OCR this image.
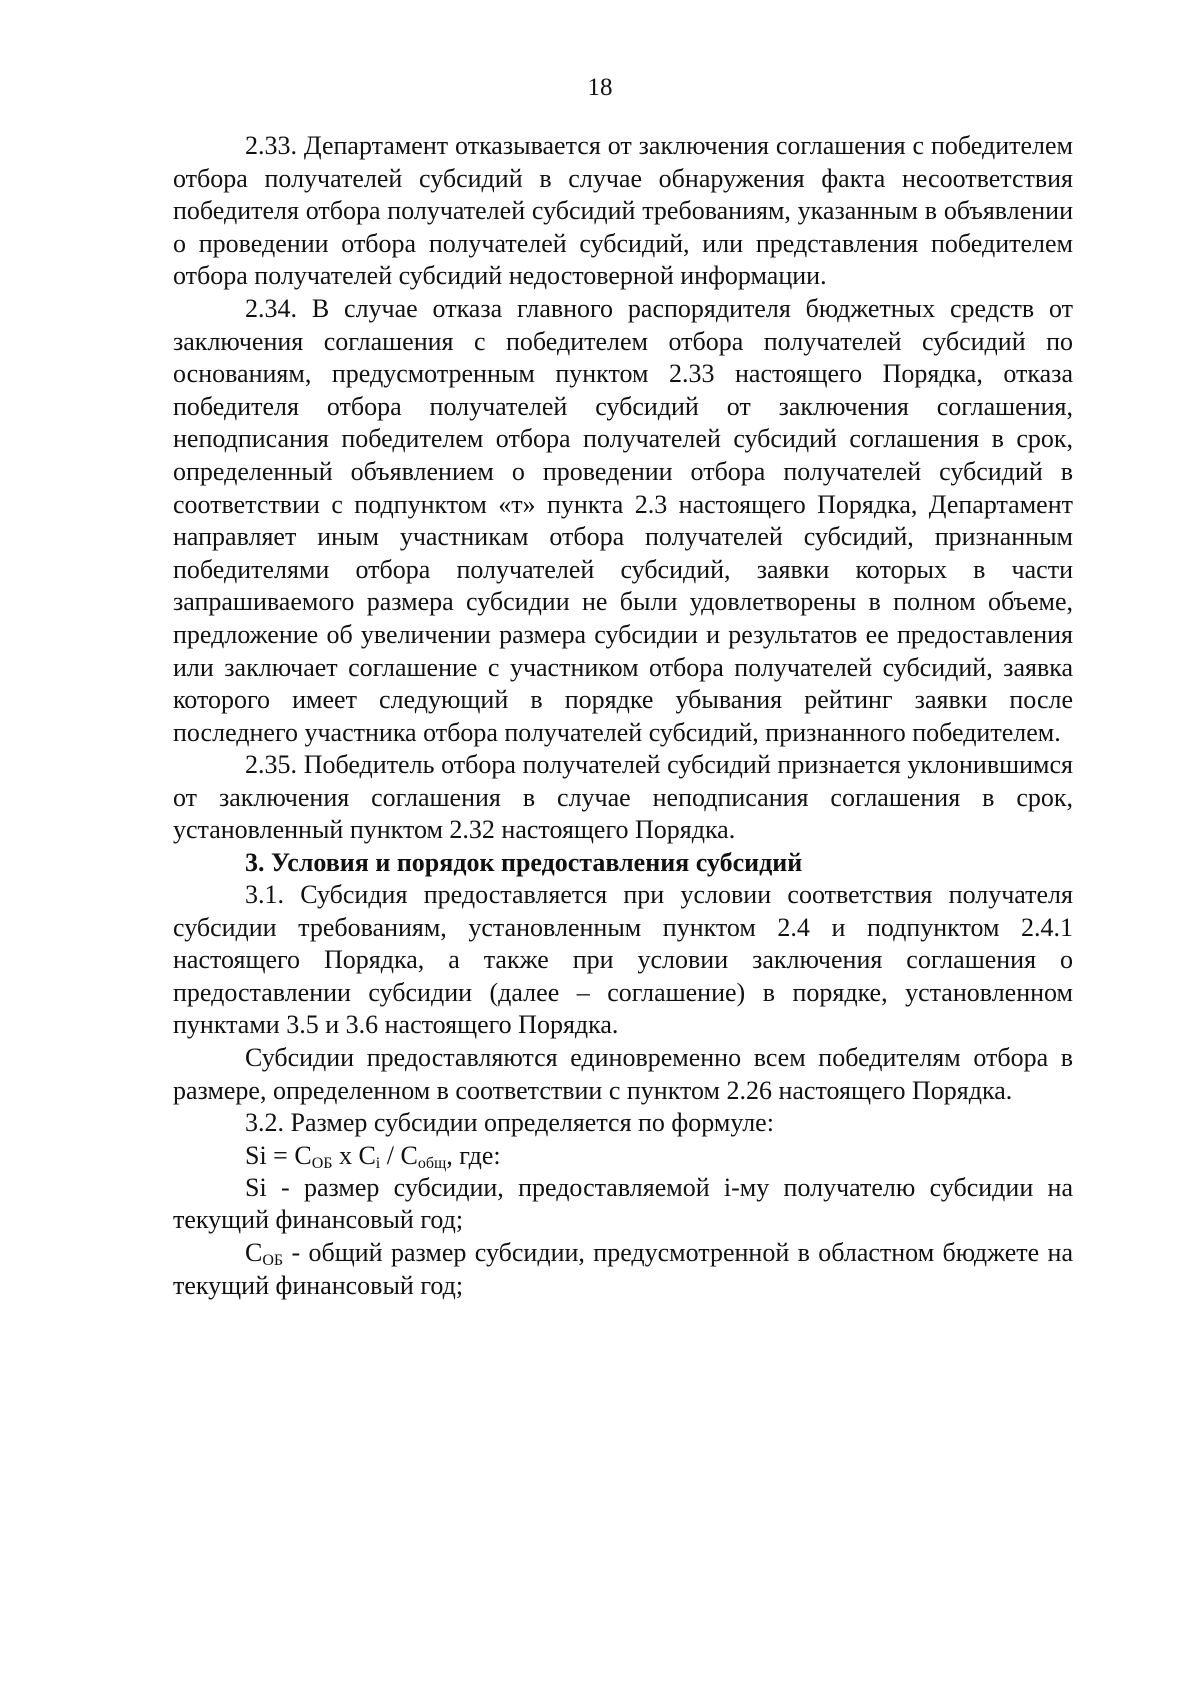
18

2.33. Департамент отказывается от заключения соглашения с победителем отбора получателей субсидий в случае обнаружения факта несоответствия победителя отбора получателей субсидий требованиям, указанным в объявлении о проведении отбора получателей субсидий, или представления победителем отбора получателей субсидий недостоверной информации.

2.34. В случае отказа главного распорядителя бюджетных средств от заключения соглашения с победителем отбора получателей субсидий по основаниям, предусмотренным пунктом 2.33 настоящего Порядка, отказа победителя отбора получателей субсидий от заключения соглашения, неподписания победителем отбора получателей субсидий соглашения в срок, определенный объявлением о проведении отбора получателей субсидий в соответствии с подпунктом «т» пункта 2.3 настоящего Порядка, Департамент направляет иным участникам отбора получателей субсидий, признанным победителями отбора получателей субсидий, заявки которых в части запрашиваемого размера субсидии не были удовлетворены в полном объеме, предложение об увеличении размера субсидии и результатов ее предоставления или заключает соглашение с участником отбора получателей субсидий, заявка которого имеет следующий в порядке убывания рейтинг заявки после последнего участника отбора получателей субсидий, признанного победителем.

2.35. Победитель отбора получателей субсидий признается уклонившимся от заключения соглашения в случае неподписания соглашения в срок, установленный пунктом 2.32 настоящего Порядка.

3. Условия и порядок предоставления субсидий

3.1. Субсидия предоставляется при условии соответствия получателя субсидии требованиям, установленным пунктом 2.4 и подпунктом 2.4.1 настоящего Порядка, а также при условии заключения соглашения о предоставлении субсидии (далее – соглашение) в порядке, установленном пунктами 3.5 и 3.6 настоящего Порядка.

Субсидии предоставляются единовременно всем победителям отбора в размере, определенном в соответствии с пунктом 2.26 настоящего Порядка.

3.2. Размер субсидии определяется по формуле:

$Si = C_{ОБ}$ x $C_i / C_{общ}$, где:

Si - размер субсидии, предоставляемой i-му получателю субсидии на текущий финансовый год;

$C_{ОБ}$ - общий размер субсидии, предусмотренной в областном бюджете на текущий финансовый год;
